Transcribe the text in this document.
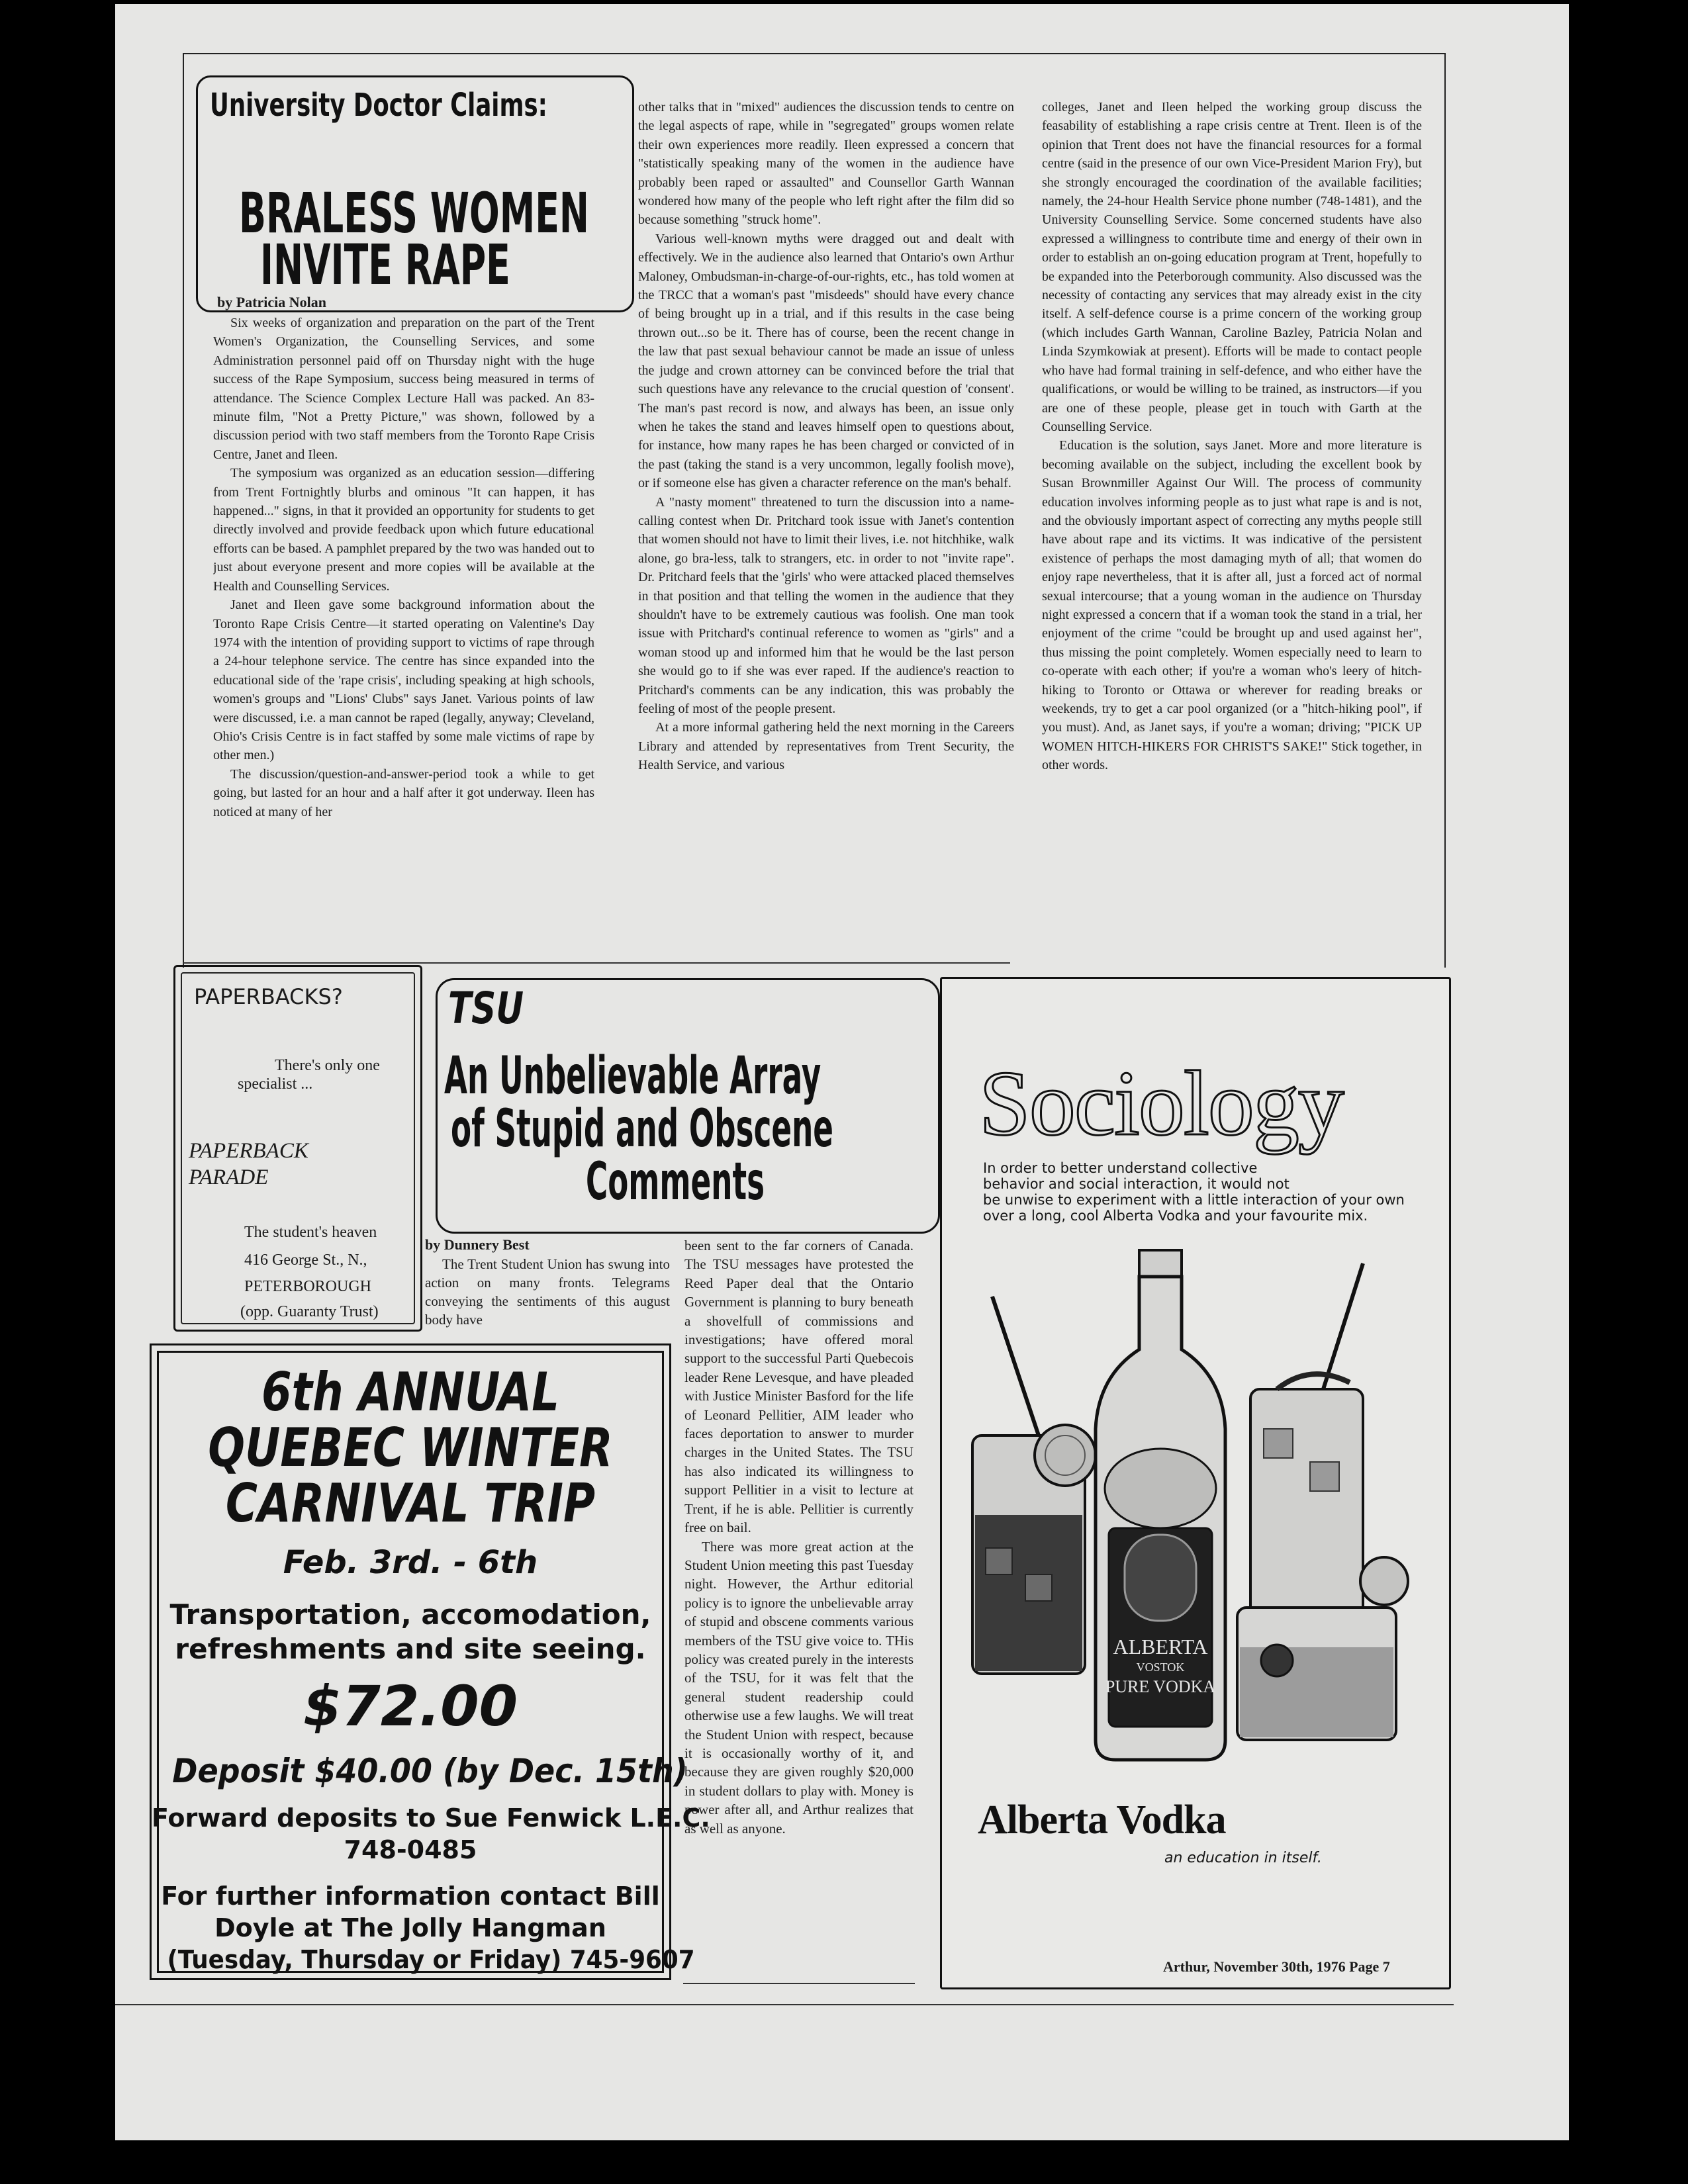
University Doctor Claims:
BRALESS WOMEN
INVITE RAPE
by Patricia Nolan

Six weeks of organization and preparation on the part of the Trent Women's Organization, the Counselling Services, and some Administration personnel paid off on Thursday night with the huge success of the Rape Symposium, success being measured in terms of attendance. The Science Complex Lecture Hall was packed. An 83-minute film, "Not a Pretty Picture," was shown, followed by a discussion period with two staff members from the Toronto Rape Crisis Centre, Janet and Ileen.

The symposium was organized as an education session—differing from Trent Fortnightly blurbs and ominous "It can happen, it has happened..." signs, in that it provided an opportunity for students to get directly involved and provide feedback upon which future educational efforts can be based. A pamphlet prepared by the two was handed out to just about everyone present and more copies will be available at the Health and Counselling Services.

Janet and Ileen gave some background information about the Toronto Rape Crisis Centre—it started operating on Valentine's Day 1974 with the intention of providing support to victims of rape through a 24-hour telephone service. The centre has since expanded into the educational side of the 'rape crisis', including speaking at high schools, women's groups and "Lions' Clubs" says Janet. Various points of law were discussed, i.e. a man cannot be raped (legally, anyway; Cleveland, Ohio's Crisis Centre is in fact staffed by some male victims of rape by other men.)

The discussion/question-and-answer-period took a while to get going, but lasted for an hour and a half after it got underway. Ileen has noticed at many of her

other talks that in "mixed" audiences the discussion tends to centre on the legal aspects of rape, while in "segregated" groups women relate their own experiences more readily. Ileen expressed a concern that "statistically speaking many of the women in the audience have probably been raped or assaulted" and Counsellor Garth Wannan wondered how many of the people who left right after the film did so because something "struck home".

Various well-known myths were dragged out and dealt with effectively. We in the audience also learned that Ontario's own Arthur Maloney, Ombudsman-in-charge-of-our-rights, etc., has told women at the TRCC that a woman's past "misdeeds" should have every chance of being brought up in a trial, and if this results in the case being thrown out...so be it. There has of course, been the recent change in the law that past sexual behaviour cannot be made an issue of unless the judge and crown attorney can be convinced before the trial that such questions have any relevance to the crucial question of 'consent'. The man's past record is now, and always has been, an issue only when he takes the stand and leaves himself open to questions about, for instance, how many rapes he has been charged or convicted of in the past (taking the stand is a very uncommon, legally foolish move), or if someone else has given a character reference on the man's behalf.

A "nasty moment" threatened to turn the discussion into a name-calling contest when Dr. Pritchard took issue with Janet's contention that women should not have to limit their lives, i.e. not hitchhike, walk alone, go bra-less, talk to strangers, etc. in order to not "invite rape". Dr. Pritchard feels that the 'girls' who were attacked placed themselves in that position and that telling the women in the audience that they shouldn't have to be extremely cautious was foolish. One man took issue with Pritchard's continual reference to women as "girls" and a woman stood up and informed him that he would be the last person she would go to if she was ever raped. If the audience's reaction to Pritchard's comments can be any indication, this was probably the feeling of most of the people present.

At a more informal gathering held the next morning in the Careers Library and attended by representatives from Trent Security, the Health Service, and various

colleges, Janet and Ileen helped the working group discuss the feasability of establishing a rape crisis centre at Trent. Ileen is of the opinion that Trent does not have the financial resources for a formal centre (said in the presence of our own Vice-President Marion Fry), but she strongly encouraged the coordination of the available facilities; namely, the 24-hour Health Service phone number (748-1481), and the University Counselling Service. Some concerned students have also expressed a willingness to contribute time and energy of their own in order to establish an on-going education program at Trent, hopefully to be expanded into the Peterborough community. Also discussed was the necessity of contacting any services that may already exist in the city itself. A self-defence course is a prime concern of the working group (which includes Garth Wannan, Caroline Bazley, Patricia Nolan and Linda Szymkowiak at present). Efforts will be made to contact people who have had formal training in self-defence, and who either have the qualifications, or would be willing to be trained, as instructors—if you are one of these people, please get in touch with Garth at the Counselling Service.

Education is the solution, says Janet. More and more literature is becoming available on the subject, including the excellent book by Susan Brownmiller Against Our Will. The process of community education involves informing people as to just what rape is and is not, and the obviously important aspect of correcting any myths people still have about rape and its victims. It was indicative of the persistent existence of perhaps the most damaging myth of all; that women do enjoy rape nevertheless, that it is after all, just a forced act of normal sexual intercourse; that a young woman in the audience on Thursday night expressed a concern that if a woman took the stand in a trial, her enjoyment of the crime "could be brought up and used against her", thus missing the point completely. Women especially need to learn to co-operate with each other; if you're a woman who's leery of hitch-hiking to Toronto or Ottawa or wherever for reading breaks or weekends, try to get a car pool organized (or a "hitch-hiking pool", if you must). And, as Janet says, if you're a woman; driving; "PICK UP WOMEN HITCH-HIKERS FOR CHRIST'S SAKE!" Stick together, in other words.

PAPERBACKS?
There's only one
specialist ...
PAPERBACK
PARADE
The student's heaven
416 George St., N.,
PETERBOROUGH
(opp. Guaranty Trust)
TSU
An Unbelievable Array
of Stupid and Obscene
Comments
by Dunnery Best

The Trent Student Union has swung into action on many fronts. Telegrams conveying the sentiments of this august body have

been sent to the far corners of Canada. The TSU messages have protested the Reed Paper deal that the Ontario Government is planning to bury beneath a shovelfull of commissions and investigations; have offered moral support to the successful Parti Quebecois leader Rene Levesque, and have pleaded with Justice Minister Basford for the life of Leonard Pellitier, AIM leader who faces deportation to answer to murder charges in the United States. The TSU has also indicated its willingness to support Pellitier in a visit to lecture at Trent, if he is able. Pellitier is currently free on bail.

There was more great action at the Student Union meeting this past Tuesday night. However, the Arthur editorial policy is to ignore the unbelievable array of stupid and obscene comments various members of the TSU give voice to. THis policy was created purely in the interests of the TSU, for it was felt that the general student readership could otherwise use a few laughs. We will treat the Student Union with respect, because it is occasionally worthy of it, and because they are given roughly $20,000 in student dollars to play with. Money is power after all, and Arthur realizes that as well as anyone.

6th ANNUAL
QUEBEC WINTER
CARNIVAL TRIP
Feb. 3rd. - 6th
Transportation, accomodation,
refreshments and site seeing.
$72.00
Deposit $40.00 (by Dec. 15th)
Forward deposits to Sue Fenwick L.E.C.
748-0485
For further information contact Bill
Doyle at The Jolly Hangman
(Tuesday, Thursday or Friday) 745-9607
Sociology
In order to better understand collective
behavior and social interaction, it would not
be unwise to experiment with a little interaction of your own
over a long, cool Alberta Vodka and your favourite mix.
ALBERTA
VOSTOK
PURE VODKA
Alberta Vodka
an education in itself.
Arthur, November 30th, 1976 Page 7
